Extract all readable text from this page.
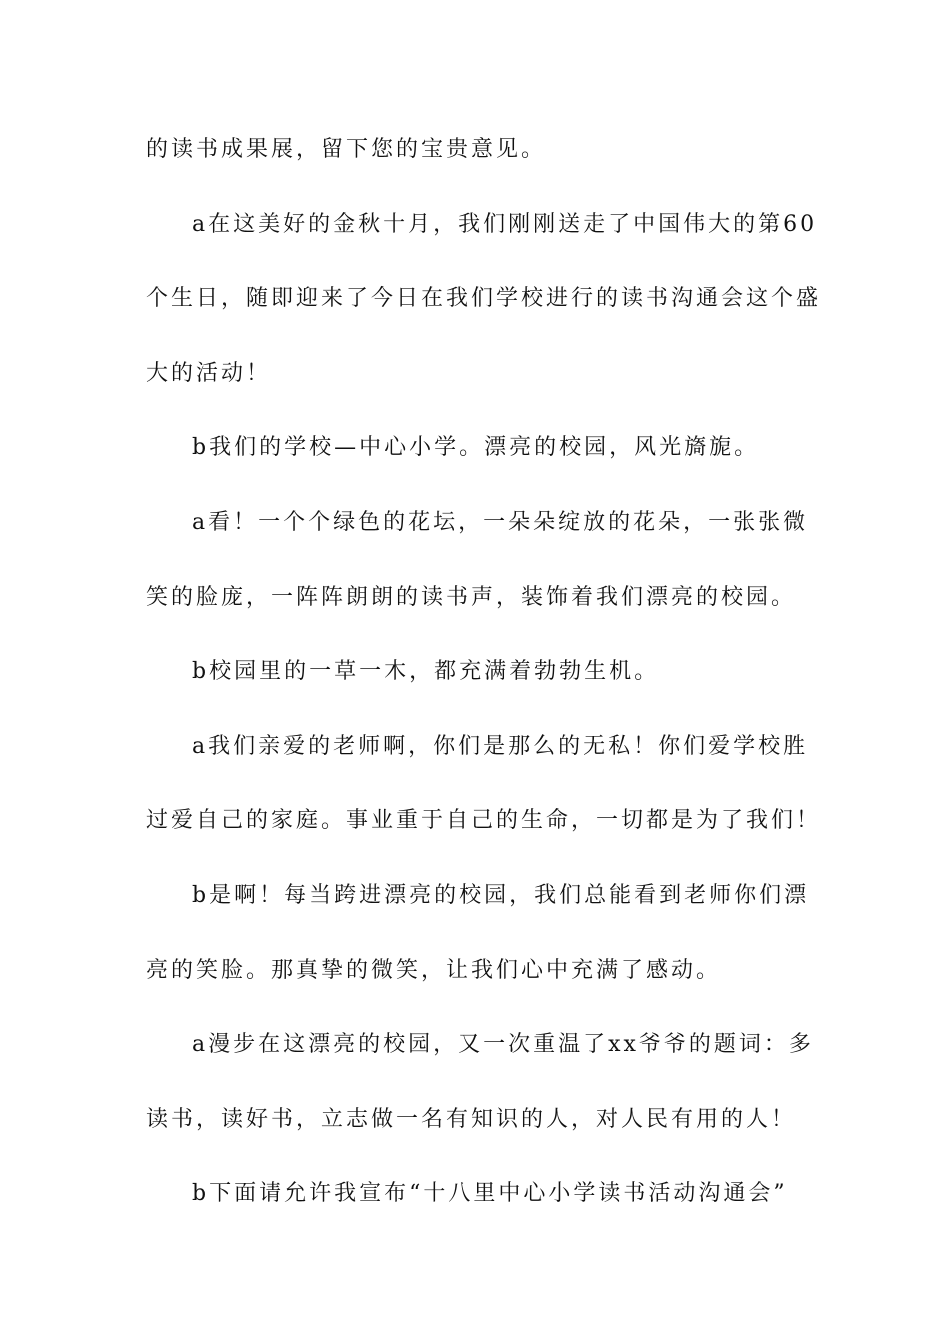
的读书成果展，留下您的宝贵意见。
a在这美好的金秋十月，我们刚刚送走了中国伟大的第60
个生日，随即迎来了今日在我们学校进行的读书沟通会这个盛
大的活动！
b我们的学校—中心小学。漂亮的校园，风光旖旎。
a看！一个个绿色的花坛，一朵朵绽放的花朵，一张张微
笑的脸庞，一阵阵朗朗的读书声，装饰着我们漂亮的校园。
b校园里的一草一木，都充满着勃勃生机。
a我们亲爱的老师啊，你们是那么的无私！你们爱学校胜
过爱自己的家庭。事业重于自己的生命，一切都是为了我们！
b是啊！每当跨进漂亮的校园，我们总能看到老师你们漂
亮的笑脸。那真挚的微笑，让我们心中充满了感动。
a漫步在这漂亮的校园，又一次重温了xx爷爷的题词：多
读书，读好书，立志做一名有知识的人，对人民有用的人！
b下面请允许我宣布“十八里中心小学读书活动沟通会”
